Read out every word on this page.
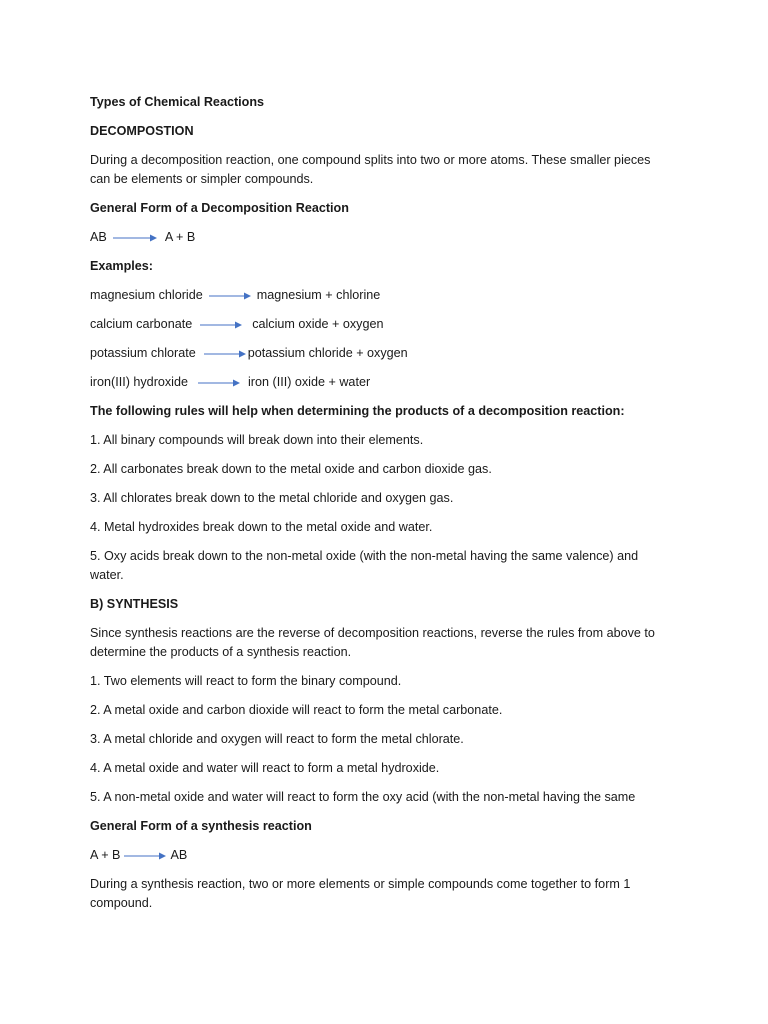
Types of Chemical Reactions

DECOMPOSTION

During a decomposition reaction, one compound splits into two or more atoms. These smaller pieces can be elements or simpler compounds.

General Form of a Decomposition Reaction

AB → A + B

Examples:

magnesium chloride → magnesium + chlorine
calcium carbonate → calcium oxide + oxygen
potassium chlorate → potassium chloride + oxygen
iron(III) hydroxide → iron (III) oxide + water

The following rules will help when determining the products of a decomposition reaction:

1. All binary compounds will break down into their elements.

2. All carbonates break down to the metal oxide and carbon dioxide gas.

3. All chlorates break down to the metal chloride and oxygen gas.

4. Metal hydroxides break down to the metal oxide and water.

5. Oxy acids break down to the non-metal oxide (with the non-metal having the same valence) and water.

B) SYNTHESIS

Since synthesis reactions are the reverse of decomposition reactions, reverse the rules from above to determine the products of a synthesis reaction.

1. Two elements will react to form the binary compound.

2. A metal oxide and carbon dioxide will react to form the metal carbonate.

3. A metal chloride and oxygen will react to form the metal chlorate.

4. A metal oxide and water will react to form a metal hydroxide.

5. A non-metal oxide and water will react to form the oxy acid (with the non-metal having the same

General Form of a synthesis reaction

A + B → AB

During a synthesis reaction, two or more elements or simple compounds come together to form 1 compound.
